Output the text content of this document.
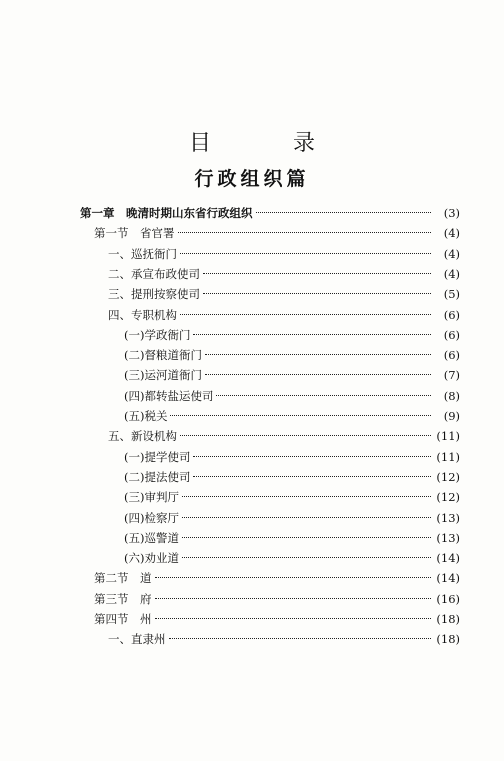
目　录
行政组织篇
第一章　晚清时期山东省行政组织	(3)
第一节　省官署	(4)
一、巡抚衙门	(4)
二、承宣布政使司	(4)
三、提刑按察使司	(5)
四、专职机构	(6)
(一)学政衙门	(6)
(二)督粮道衙门	(6)
(三)运河道衙门	(7)
(四)都转盐运使司	(8)
(五)税关	(9)
五、新设机构	(11)
(一)提学使司	(11)
(二)提法使司	(12)
(三)审判厅	(12)
(四)检察厅	(13)
(五)巡警道	(13)
(六)劝业道	(14)
第二节　道	(14)
第三节　府	(16)
第四节　州	(18)
一、直隶州	(18)
